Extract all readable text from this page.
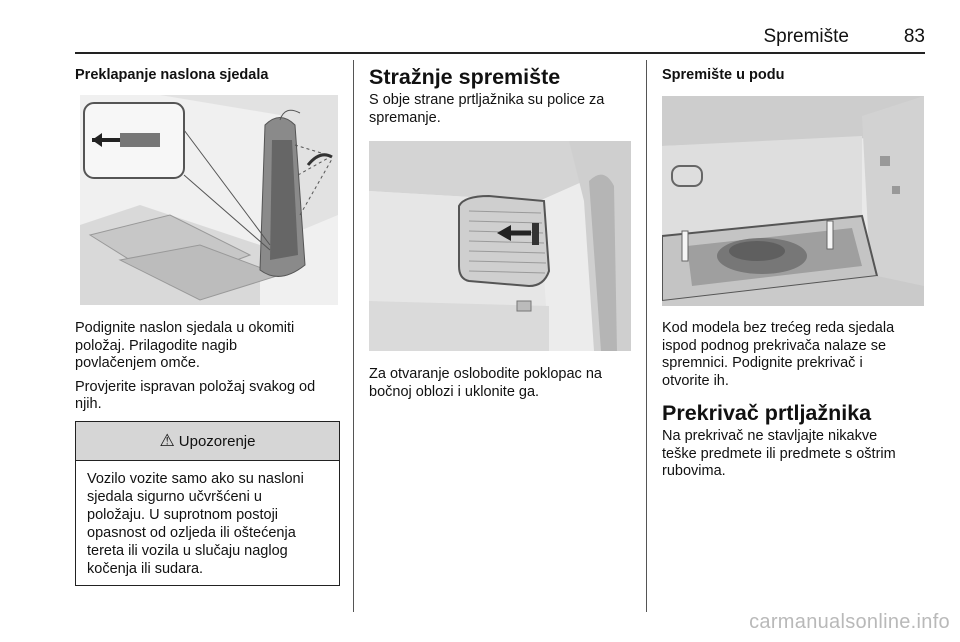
Spremište	83
Preklapanje naslona sjedala

Podignite naslon sjedala u okomiti
položaj. Prilagodite nagib
povlačenjem omče.

Provjerite ispravan položaj svakog od
njih.

⚠ Upozorenje
Vozilo vozite samo ako su nasloni
sjedala sigurno učvršćeni u
položaju. U suprotnom postoji
opasnost od ozljeda ili oštećenja
tereta ili vozila u slučaju naglog
kočenja ili sudara.
Stražnje spremište

S obje strane prtljažnika su police za
spremanje.

Za otvaranje oslobodite poklopac na
bočnoj oblozi i uklonite ga.

Spremište u podu

Kod modela bez trećeg reda sjedala
ispod podnog prekrivača nalaze se
spremnici. Podignite prekrivač i
otvorite ih.

Prekrivač prtljažnika

Na prekrivač ne stavljajte nikakve
teške predmete ili predmete s oštrim
rubovima.

carmanualsonline.info
